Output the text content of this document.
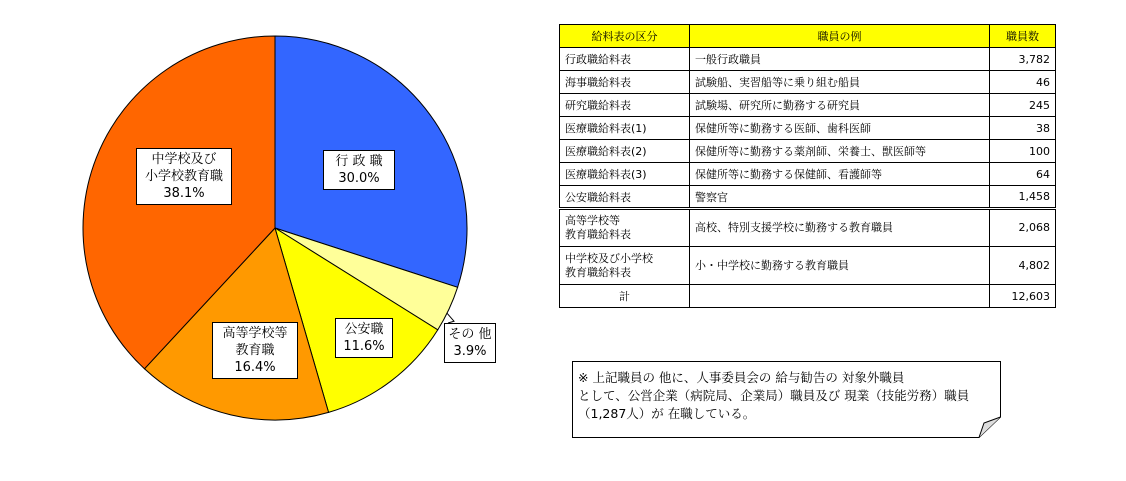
行 政 職
30.0%
その 他
3.9%
公安職
11.6%
高等学校等
教育職
16.4%
中学校及び
小学校教育職
38.1%
給料表の区分	職員の例	職員数
行政職給料表	一般行政職員	3,782
海事職給料表	試験船、実習船等に乗り組む船員	46
研究職給料表	試験場、研究所に勤務する研究員	245
医療職給料表(1)	保健所等に勤務する医師、歯科医師	38
医療職給料表(2)	保健所等に勤務する薬剤師、栄養士、獣医師等	100
医療職給料表(3)	保健所等に勤務する保健師、看護師等	64
公安職給料表	警察官	1,458

高等学校等
教育職給料表	高校、特別支援学校に勤務する教育職員	2,068

中学校及び小学校
教育職給料表	小・中学校に勤務する教育職員	4,802
計		12,603
※ 上記職員の 他に、人事委員会の 給与勧告の 対象外職員
として、公営企業（病院局、企業局）職員及び 現業（技能労務）職員
（1,287人）が 在職している。
